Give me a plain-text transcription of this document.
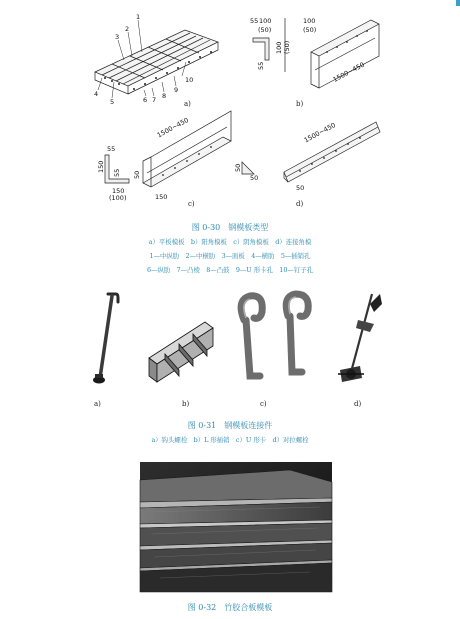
1
2
3
4
5	6 7 8
9
10
a)
55 100
(50)
100 (50)
55
100
(50)
1500~450
b)
55
150 55
150
(100)
1500~450
50
150
c)
50
50
1500~450
50
d)
图 0-30　钢模板类型
a）平板模板　b）阳角模板　c）阴角模板　d）连接角模
1—中纵肋　2—中横肋　3—面板　4—横肋　5—插销孔
6—纵肋　7—凸棱　8—凸鼓　9—U 形卡孔　10—钉子孔
a)	b)	c)	d)
图 0-31　钢模板连接件
a）钩头螺栓　b）L 形插销　c）U 形卡　d）对拉螺栓
图 0-32　竹胶合板模板
